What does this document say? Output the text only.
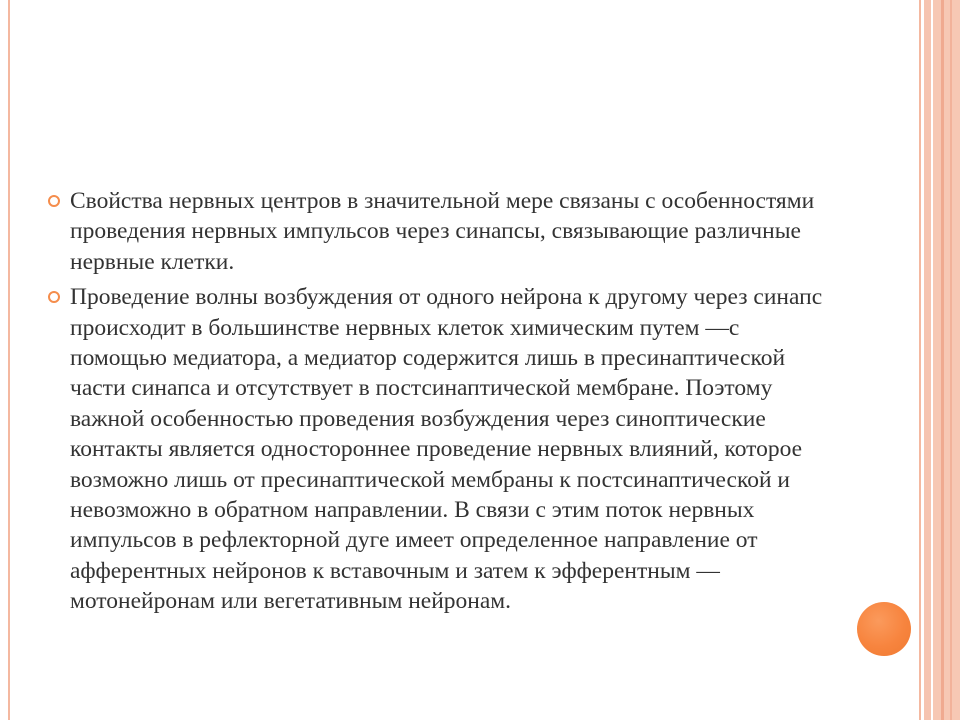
Свойства нервных центров в значительной мере связаны с особенностями проведения нервных импульсов через синапсы, связывающие различные нервные клетки.
Проведение волны возбуждения от одного нейрона к другому через синапс происходит в большинстве нервных клеток химическим путем —с помощью медиатора, а медиатор содержится лишь в пресинаптической части синапса и отсутствует в постсинаптической мембране. Поэтому важной особенностью проведения возбуждения через синоптические контакты является одностороннее проведение нервных влияний, которое возможно лишь от пресинаптической мембраны к постсинаптической и невозможно в обратном направлении. В связи с этим поток нервных импульсов в рефлекторной дуге имеет определенное направление от афферентных нейронов к вставочным и затем к эфферентным — мотонейронам или вегетативным нейронам.
